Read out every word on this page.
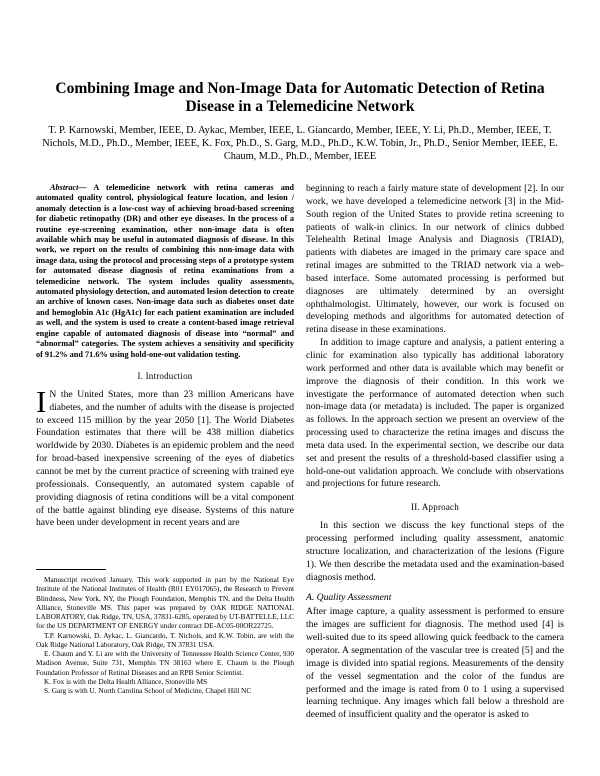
Combining Image and Non-Image Data for Automatic Detection of Retina Disease in a Telemedicine Network
T. P. Karnowski, Member, IEEE, D. Aykac, Member, IEEE, L. Giancardo, Member, IEEE, Y. Li, Ph.D., Member, IEEE, T. Nichols, M.D., Ph.D., Member, IEEE, K. Fox, Ph.D., S. Garg, M.D., Ph.D., K.W. Tobin, Jr., Ph.D., Senior Member, IEEE, E. Chaum, M.D., Ph.D., Member, IEEE

Abstract— A telemedicine network with retina cameras and automated quality control, physiological feature location, and lesion / anomaly detection is a low-cost way of achieving broad-based screening for diabetic retinopathy (DR) and other eye diseases. In the process of a routine eye-screening examination, other non-image data is often available which may be useful in automated diagnosis of disease. In this work, we report on the results of combining this non-image data with image data, using the protocol and processing steps of a prototype system for automated disease diagnosis of retina examinations from a telemedicine network. The system includes quality assessments, automated physiology detection, and automated lesion detection to create an archive of known cases. Non-image data such as diabetes onset date and hemoglobin A1c (HgA1c) for each patient examination are included as well, and the system is used to create a content-based image retrieval engine capable of automated diagnosis of disease into “normal” and “abnormal” categories. The system achieves a sensitivity and specificity of 91.2% and 71.6% using hold-one-out validation testing.

I. Introduction

I N the United States, more than 23 million Americans have diabetes, and the number of adults with the disease is projected to exceed 115 million by the year 2050 [1]. The World Diabetes Foundation estimates that there will be 438 million diabetics worldwide by 2030. Diabetes is an epidemic problem and the need for broad-based inexpensive screening of the eyes of diabetics cannot be met by the current practice of screening with trained eye professionals. Consequently, an automated system capable of providing diagnosis of retina conditions will be a vital component of the battle against blinding eye disease. Systems of this nature have been under development in recent years and are

Manuscript received January. This work supported in part by the National Eye Institute of the National Institutes of Health (R01 EY017065), the Research to Prevent Blindness, New York, NY, the Plough Foundation, Memphis TN, and the Delta Health Alliance, Stoneville MS. This paper was prepared by OAK RIDGE NATIONAL LABORATORY, Oak Ridge, TN, USA, 37831-6285, operated by UT-BATTELLE, LLC for the US DEPARTMENT OF ENERGY under contract DE-AC05-00OR22725.

T.P. Karnowski, D. Aykac, L. Giancardo, T. Nichols, and K.W. Tobin, are with the Oak Ridge National Laboratory, Oak Ridge, TN 37831 USA.

E. Chaum and Y. Li are with the University of Tennessee Health Science Center, 930 Madison Avenue, Suite 731, Memphis TN 38163 where E. Chaum is the Plough Foundation Professor of Retinal Diseases and an RPB Senior Scientist.

K. Fox is with the Delta Health Alliance, Stoneville MS

S. Garg is with U. North Carolina School of Medicine, Chapel Hill NC

beginning to reach a fairly mature state of development [2]. In our work, we have developed a telemedicine network [3] in the Mid-South region of the United States to provide retina screening to patients of walk-in clinics. In our network of clinics dubbed Telehealth Retinal Image Analysis and Diagnosis (TRIAD), patients with diabetes are imaged in the primary care space and retinal images are submitted to the TRIAD network via a web-based interface. Some automated processing is performed but diagnoses are ultimately determined by an oversight ophthalmologist. Ultimately, however, our work is focused on developing methods and algorithms for automated detection of retina disease in these examinations.

In addition to image capture and analysis, a patient entering a clinic for examination also typically has additional laboratory work performed and other data is available which may benefit or improve the diagnosis of their condition. In this work we investigate the performance of automated detection when such non-image data (or metadata) is included. The paper is organized as follows. In the approach section we present an overview of the processing used to characterize the retina images and discuss the meta data used. In the experimental section, we describe our data set and present the results of a threshold-based classifier using a hold-one-out validation approach. We conclude with observations and projections for future research.

II. Approach

In this section we discuss the key functional steps of the processing performed including quality assessment, anatomic structure localization, and characterization of the lesions (Figure 1). We then describe the metadata used and the examination-based diagnosis method.

A. Quality Assessment

After image capture, a quality assessment is performed to ensure the images are sufficient for diagnosis. The method used [4] is well-suited due to its speed allowing quick feedback to the camera operator. A segmentation of the vascular tree is created [5] and the image is divided into spatial regions. Measurements of the density of the vessel segmentation and the color of the fundus are performed and the image is rated from 0 to 1 using a supervised learning technique. Any images which fall below a threshold are deemed of insufficient quality and the operator is asked to
